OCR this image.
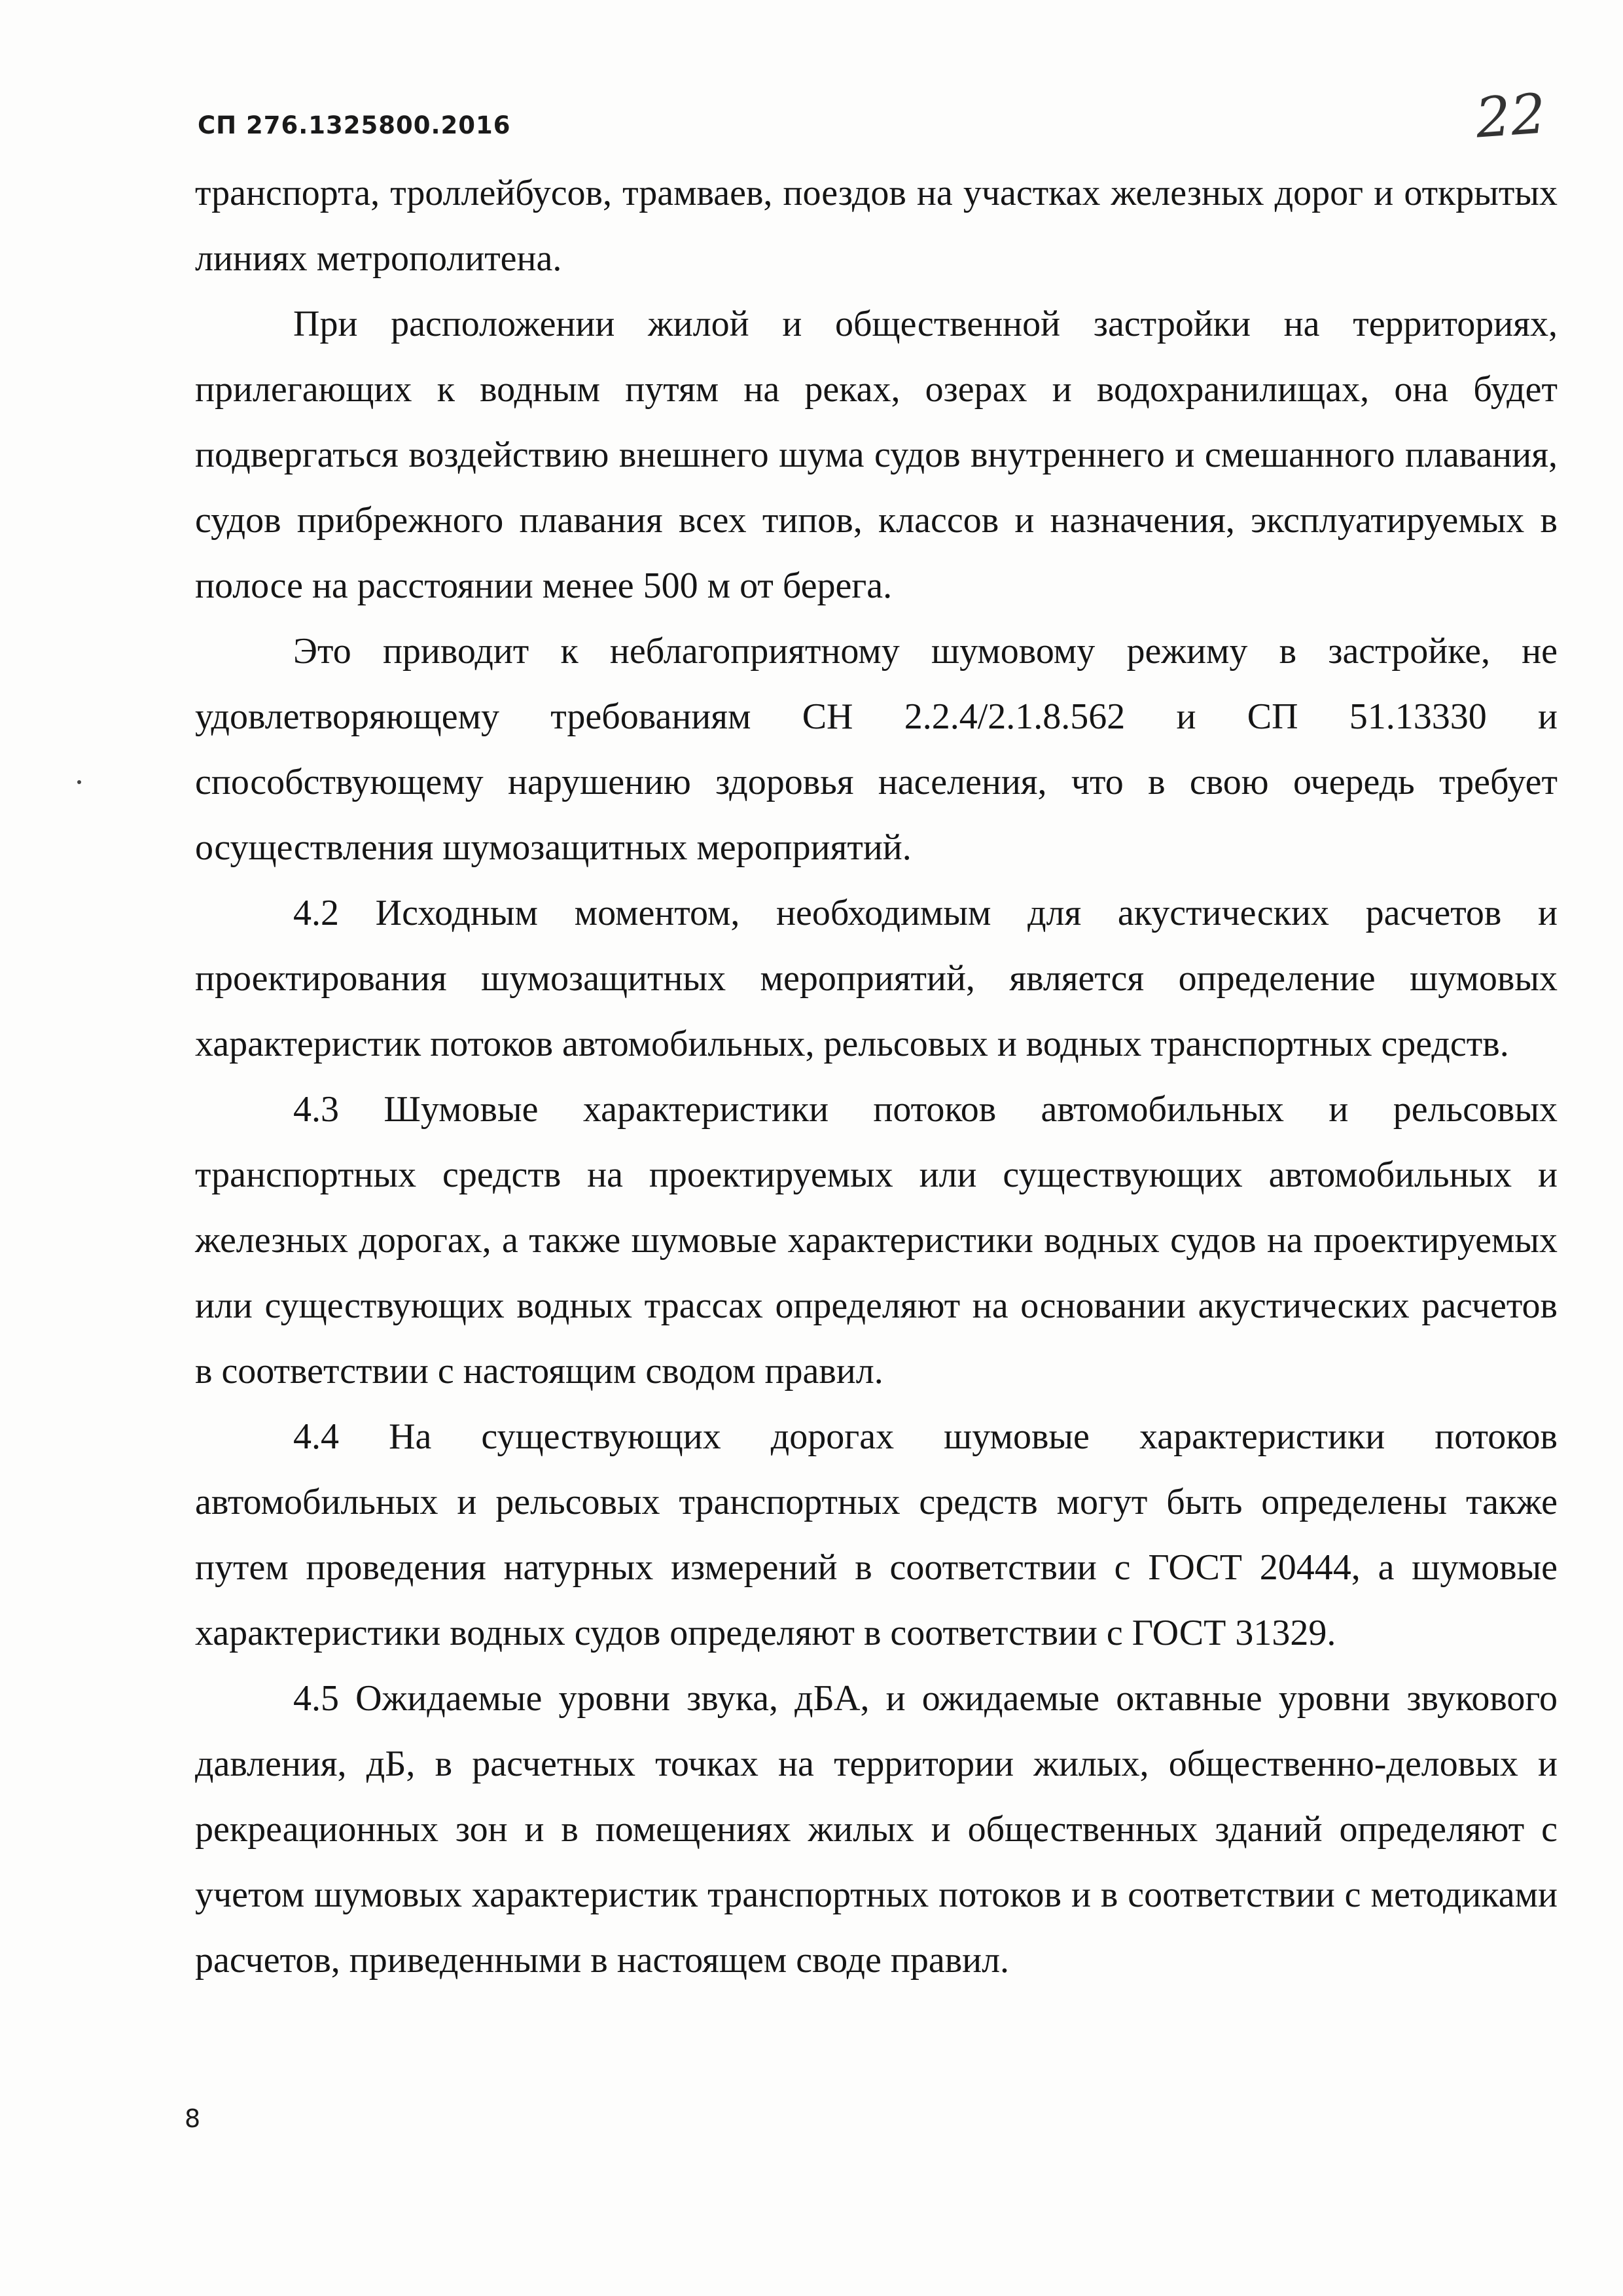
СП 276.1325800.2016	22

транспорта, троллейбусов, трамваев, поездов на участках железных дорог и открытых линиях метрополитена.

При расположении жилой и общественной застройки на территориях, прилегающих к водным путям на реках, озерах и водохранилищах, она будет подвергаться воздействию внешнего шума судов внутреннего и смешанного плавания, судов прибрежного плавания всех типов, классов и назначения, эксплуатируемых в полосе на расстоянии менее 500 м от берега.

Это приводит к неблагоприятному шумовому режиму в застройке, не удовлетворяющему требованиям СН 2.2.4/2.1.8.562 и СП 51.13330 и способствующему нарушению здоровья населения, что в свою очередь требует осуществления шумозащитных мероприятий.

4.2 Исходным моментом, необходимым для акустических расчетов и проектирования шумозащитных мероприятий, является определение шумовых характеристик потоков автомобильных, рельсовых и водных транспортных средств.

4.3 Шумовые характеристики потоков автомобильных и рельсовых транспортных средств на проектируемых или существующих автомобильных и железных дорогах, а также шумовые характеристики водных судов на проектируемых или существующих водных трассах определяют на основании акустических расчетов в соответствии с настоящим сводом правил.

4.4 На существующих дорогах шумовые характеристики потоков автомобильных и рельсовых транспортных средств могут быть определены также путем проведения натурных измерений в соответствии с ГОСТ 20444, а шумовые характеристики водных судов определяют в соответствии с ГОСТ 31329.

4.5 Ожидаемые уровни звука, дБА, и ожидаемые октавные уровни звукового давления, дБ, в расчетных точках на территории жилых, общественно-деловых и рекреационных зон и в помещениях жилых и общественных зданий определяют с учетом шумовых характеристик транспортных потоков и в соответствии с методиками расчетов, приведенными в настоящем своде правил.

8
